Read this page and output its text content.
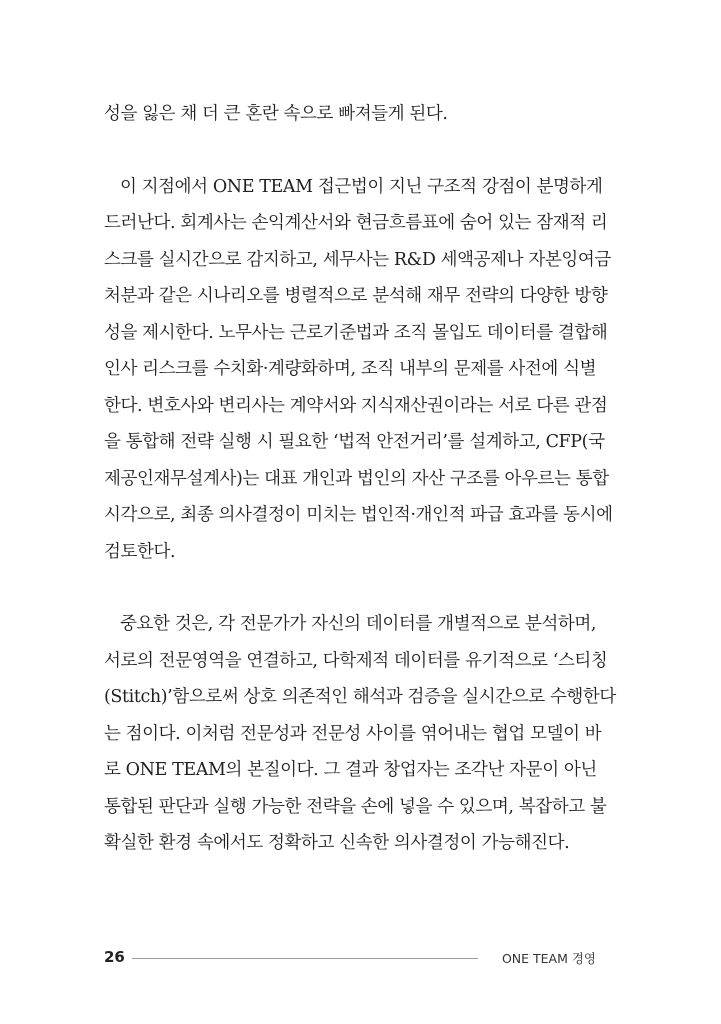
성을 잃은 채 더 큰 혼란 속으로 빠져들게 된다.
이 지점에서 ONE TEAM 접근법이 지닌 구조적 강점이 분명하게
드러난다. 회계사는 손익계산서와 현금흐름표에 숨어 있는 잠재적 리
스크를 실시간으로 감지하고, 세무사는 R&D 세액공제나 자본잉여금
처분과 같은 시나리오를 병렬적으로 분석해 재무 전략의 다양한 방향
성을 제시한다. 노무사는 근로기준법과 조직 몰입도 데이터를 결합해
인사 리스크를 수치화·계량화하며, 조직 내부의 문제를 사전에 식별
한다. 변호사와 변리사는 계약서와 지식재산권이라는 서로 다른 관점
을 통합해 전략 실행 시 필요한 ‘법적 안전거리’를 설계하고, CFP(국
제공인재무설계사)는 대표 개인과 법인의 자산 구조를 아우르는 통합
시각으로, 최종 의사결정이 미치는 법인적·개인적 파급 효과를 동시에
검토한다.
중요한 것은, 각 전문가가 자신의 데이터를 개별적으로 분석하며,
서로의 전문영역을 연결하고, 다학제적 데이터를 유기적으로 ‘스티칭
(Stitch)’함으로써 상호 의존적인 해석과 검증을 실시간으로 수행한다
는 점이다. 이처럼 전문성과 전문성 사이를 엮어내는 협업 모델이 바
로 ONE TEAM의 본질이다. 그 결과 창업자는 조각난 자문이 아닌
통합된 판단과 실행 가능한 전략을 손에 넣을 수 있으며, 복잡하고 불
확실한 환경 속에서도 정확하고 신속한 의사결정이 가능해진다.
26	ONE TEAM 경영
